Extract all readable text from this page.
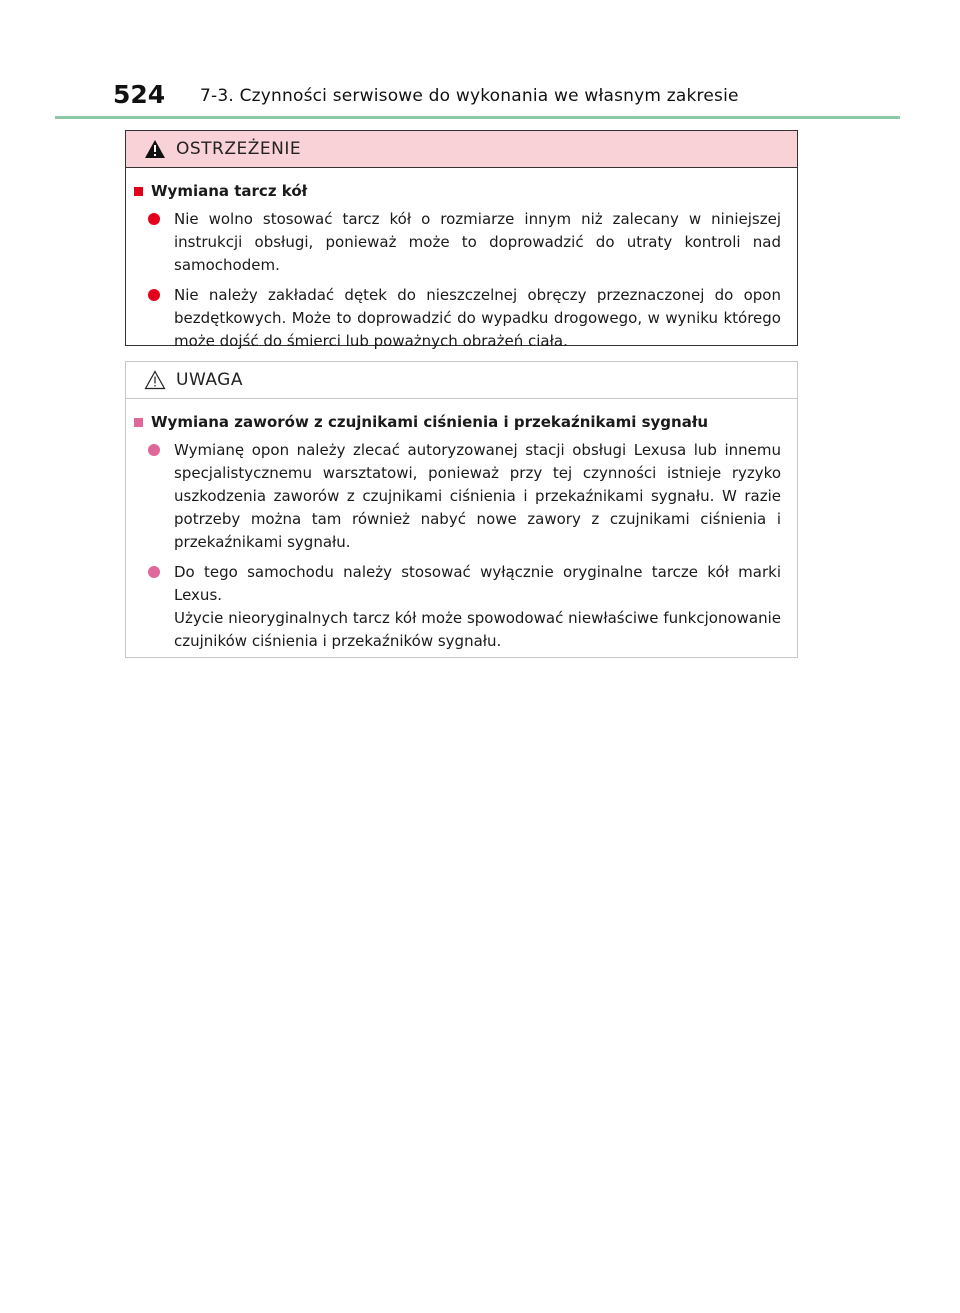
524 7-3. Czynności serwisowe do wykonania we własnym zakresie
OSTRZEŻENIE
Wymiana tarcz kół

Nie wolno stosować tarcz kół o rozmiarze innym niż zalecany w niniejszej instrukcji obsługi, ponieważ może to doprowadzić do utraty kontroli nad samochodem.

Nie należy zakładać dętek do nieszczelnej obręczy przeznaczonej do opon bezdętkowych. Może to doprowadzić do wypadku drogowego, w wyniku którego może dojść do śmierci lub poważnych obrażeń ciała.

UWAGA
Wymiana zaworów z czujnikami ciśnienia i przekaźnikami sygnału

Wymianę opon należy zlecać autoryzowanej stacji obsługi Lexusa lub innemu specjalistycznemu warsztatowi, ponieważ przy tej czynności istnieje ryzyko uszkodzenia zaworów z czujnikami ciśnienia i przekaźnikami sygnału. W razie potrzeby można tam również nabyć nowe zawory z czujnikami ciśnienia i przekaźnikami sygnału.

Do tego samochodu należy stosować wyłącznie oryginalne tarcze kół marki Lexus.

Użycie nieoryginalnych tarcz kół może spowodować niewłaściwe funkcjonowanie czujników ciśnienia i przekaźników sygnału.
